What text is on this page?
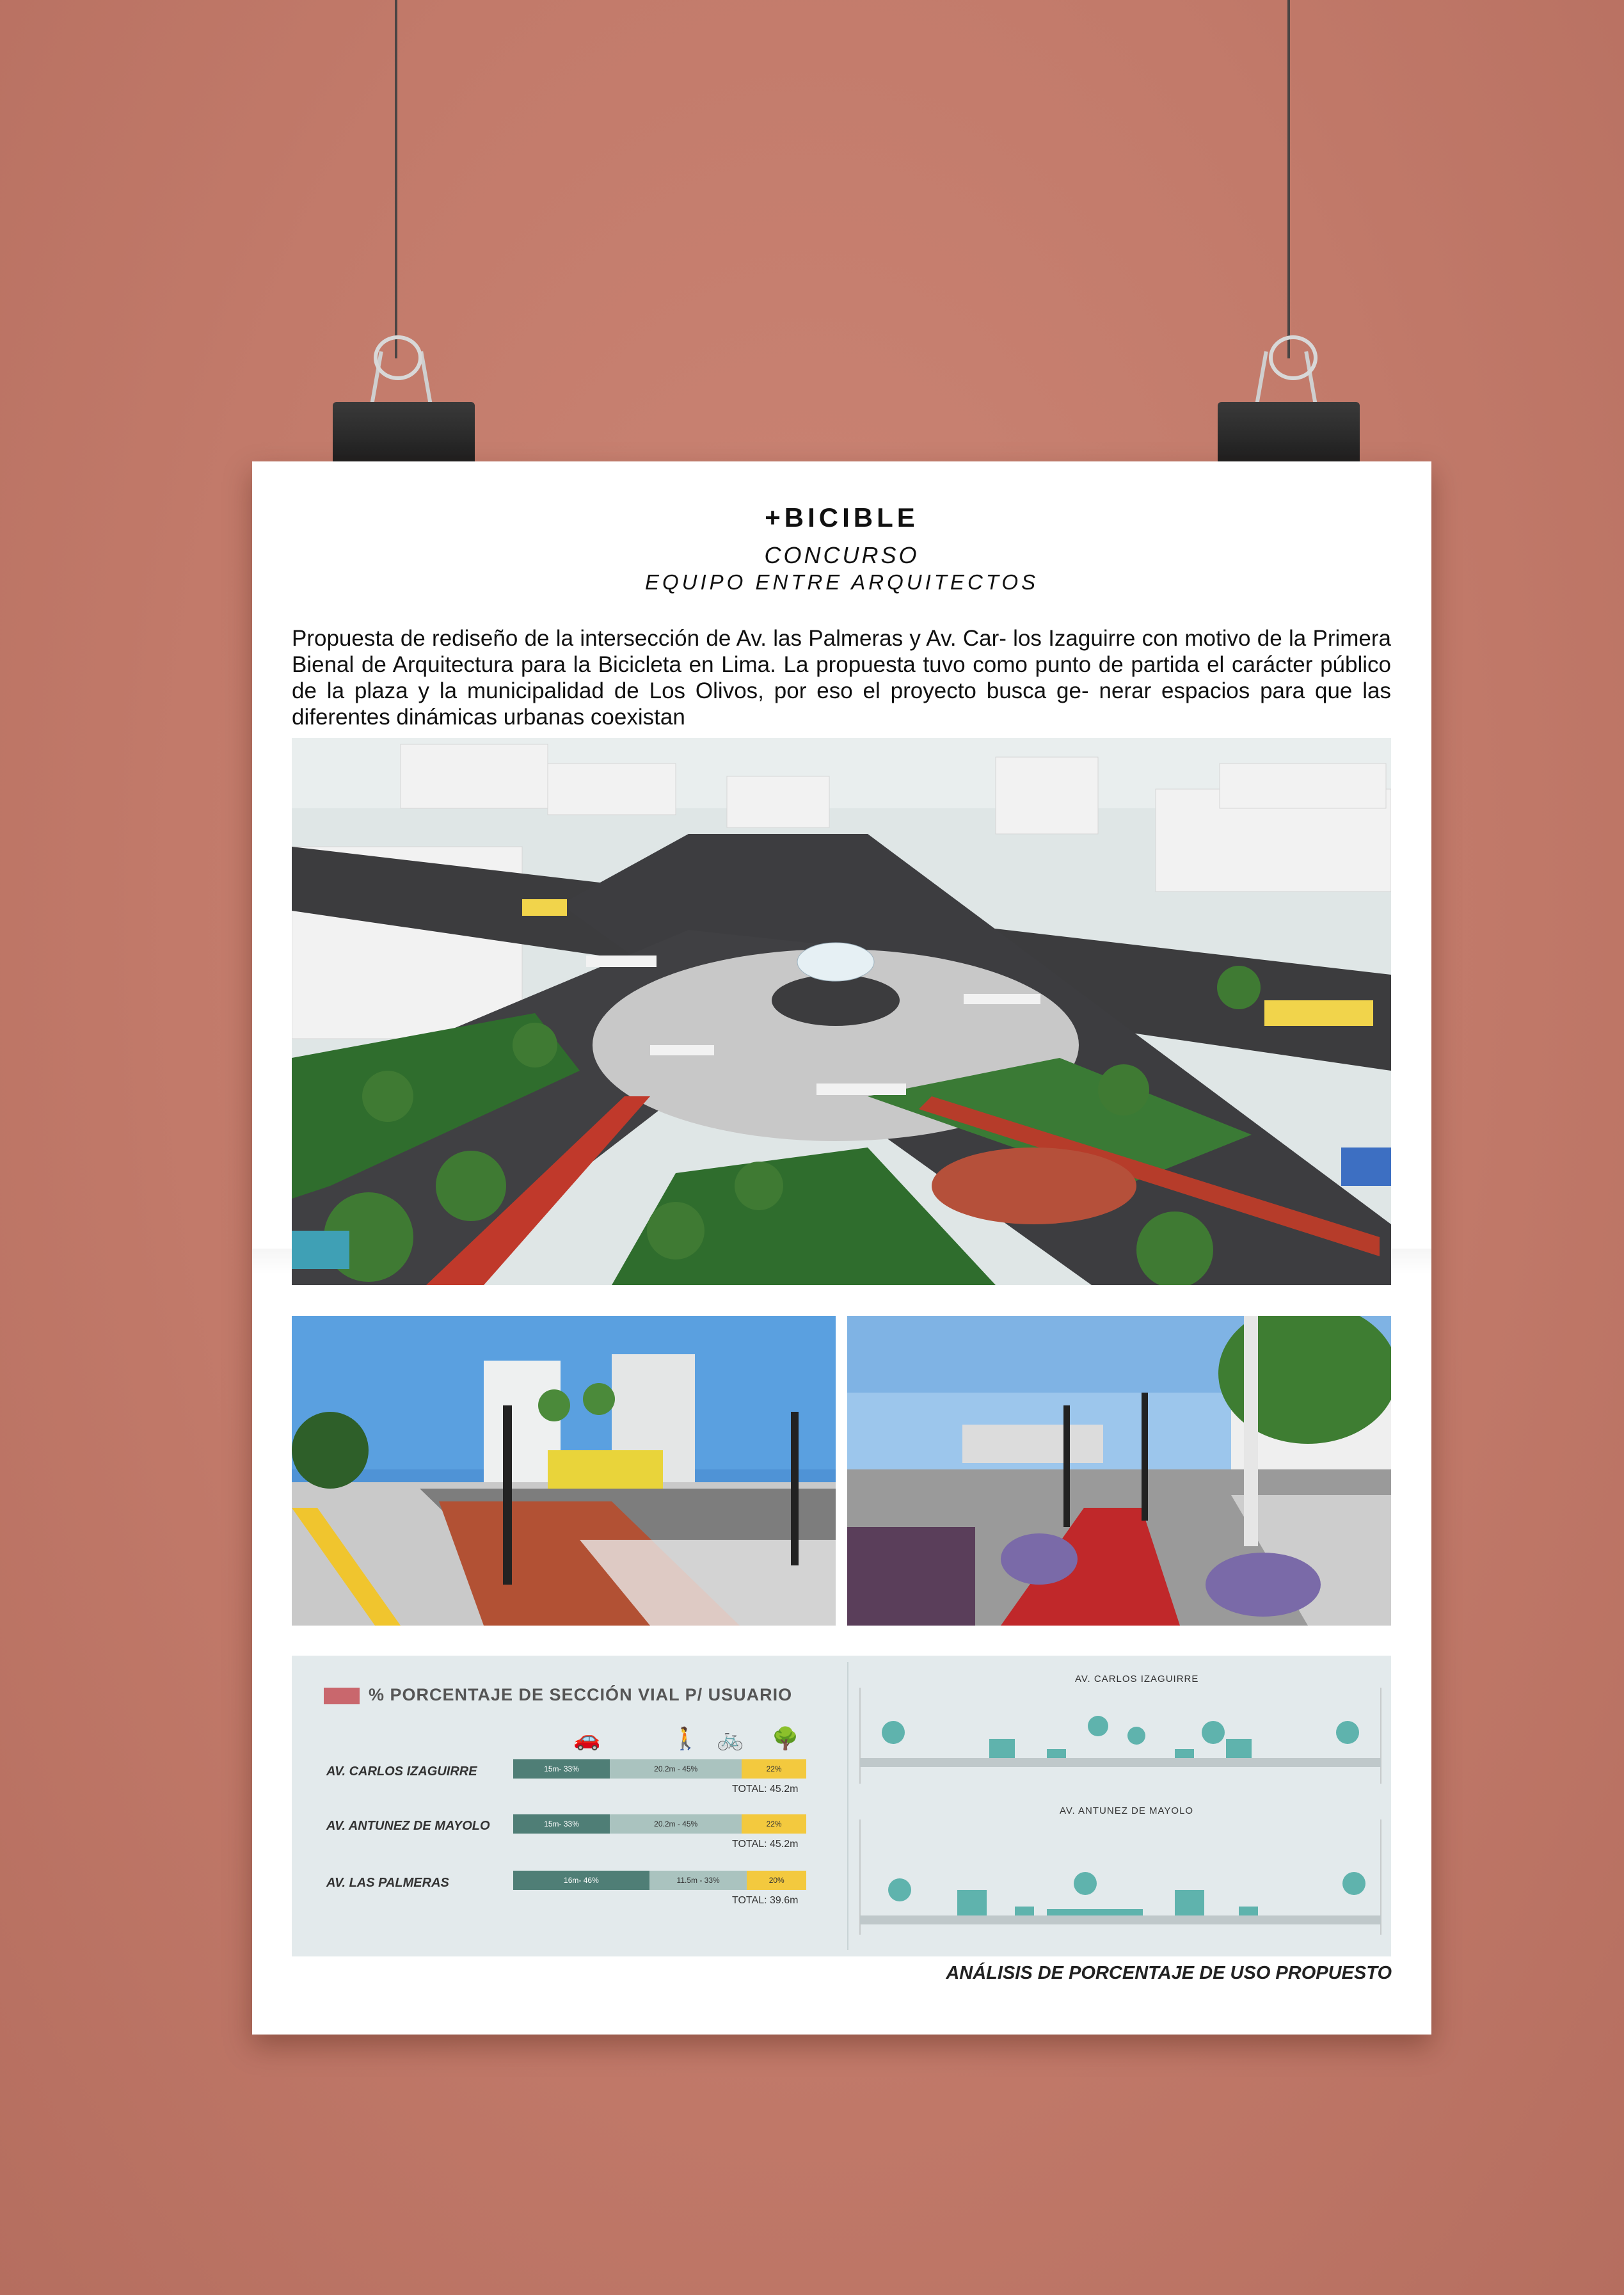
+BICIBLE
CONCURSO
EQUIPO ENTRE ARQUITECTOS
Propuesta de rediseño de la intersección de Av. las Palmeras y Av. Car- los Izaguirre con motivo de la Primera Bienal de Arquitectura para la Bicicleta en Lima. La propuesta tuvo como punto de partida el carácter público de la plaza y la municipalidad de Los Olivos, por eso el proyecto busca ge- nerar espacios para que las diferentes dinámicas urbanas coexistan
% PORCENTAJE DE SECCIÓN VIAL P/ USUARIO
🚗	🚶 🚲 🌳
AV. CARLOS IZAGUIRRE	15m- 33%	20.2m - 45%	22%
TOTAL: 45.2m
AV. ANTUNEZ DE MAYOLO	15m- 33%	20.2m - 45%	22%
TOTAL: 45.2m
AV. LAS PALMERAS	16m- 46%	11.5m - 33%	20%
TOTAL: 39.6m
AV. CARLOS IZAGUIRRE
AV. ANTUNEZ DE MAYOLO
ANÁLISIS DE PORCENTAJE DE USO PROPUESTO
